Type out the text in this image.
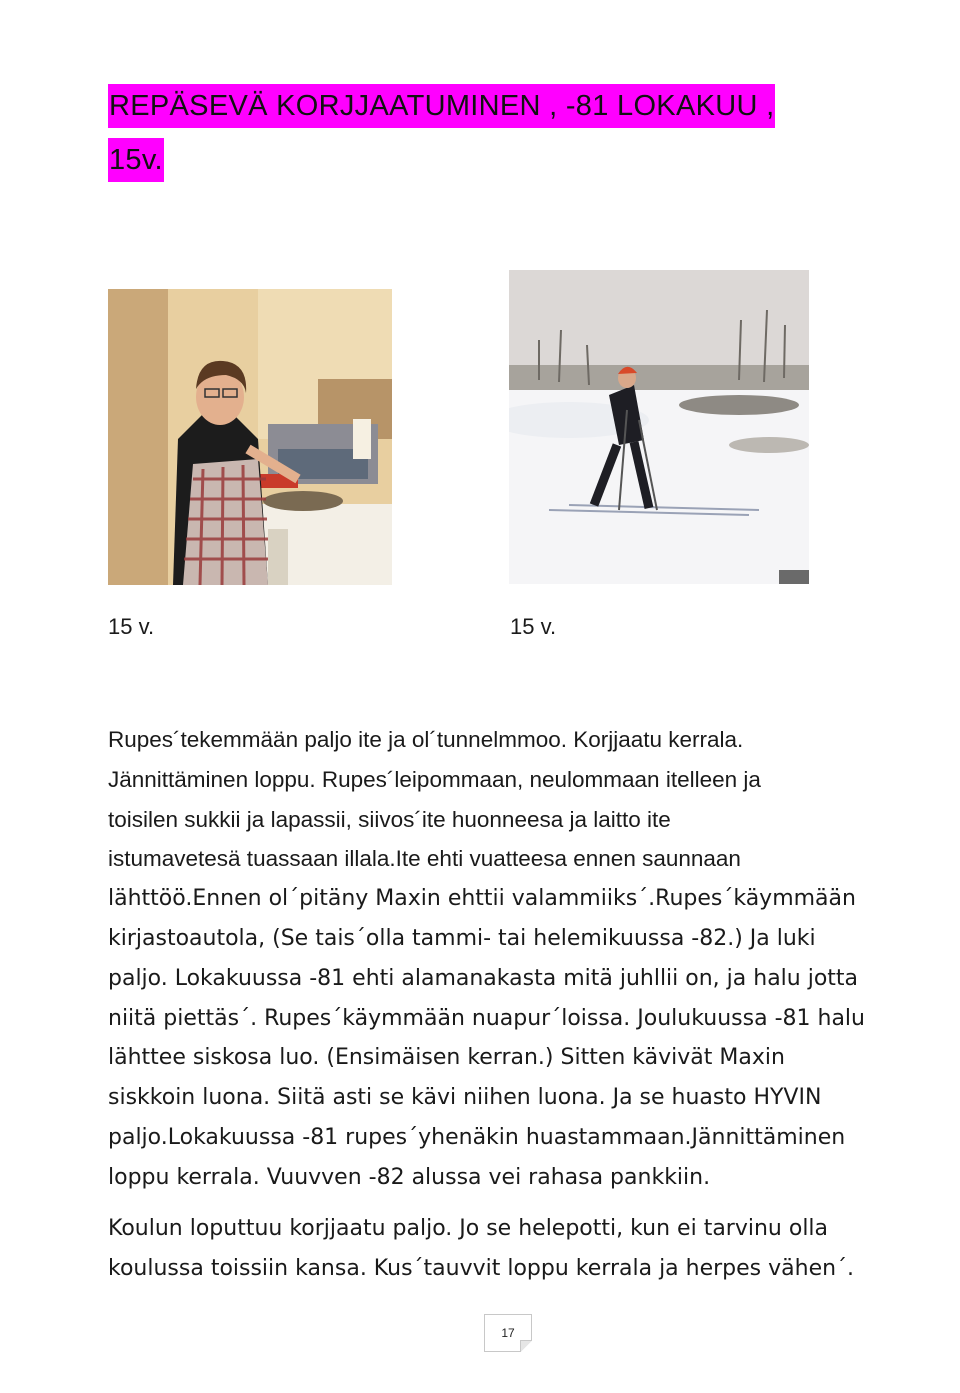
REPÄSEVÄ KORJJAATUMINEN , -81 LOKAKUU ,
15v.
15 v.	15 v.
Rupes´tekemmään paljo ite ja ol´tunnelmmoo. Korjjaatu kerrala.
Jännittäminen loppu. Rupes´leipommaan, neulommaan itelleen ja
toisilen sukkii ja lapassii, siivos´ite huonneesa ja laitto ite
istumavetesä tuassaan illala.Ite ehti vuatteesa ennen saunnaan
lähttöö.Ennen ol´pitäny Maxin ehttii valammiiks´.Rupes´käymmään
kirjastoautola, (Se tais´olla tammi- tai helemikuussa -82.) Ja luki
paljo. Lokakuussa -81 ehti alamanakasta mitä juhllii on, ja halu jotta
niitä piettäs´. Rupes´käymmään nuapur´loissa. Joulukuussa -81 halu
lähttee siskosa luo. (Ensimäisen kerran.) Sitten kävivät Maxin
siskkoin luona. Siitä asti se kävi niihen luona. Ja se huasto HYVIN
paljo.Lokakuussa -81 rupes´yhenäkin huastammaan.Jännittäminen
loppu kerrala. Vuuvven -82 alussa vei rahasa pankkiin.
Koulun loputtuu korjjaatu paljo. Jo se helepotti, kun ei tarvinu olla
koulussa toissiin kansa. Kus´tauvvit loppu kerrala ja herpes vähen´.
17
